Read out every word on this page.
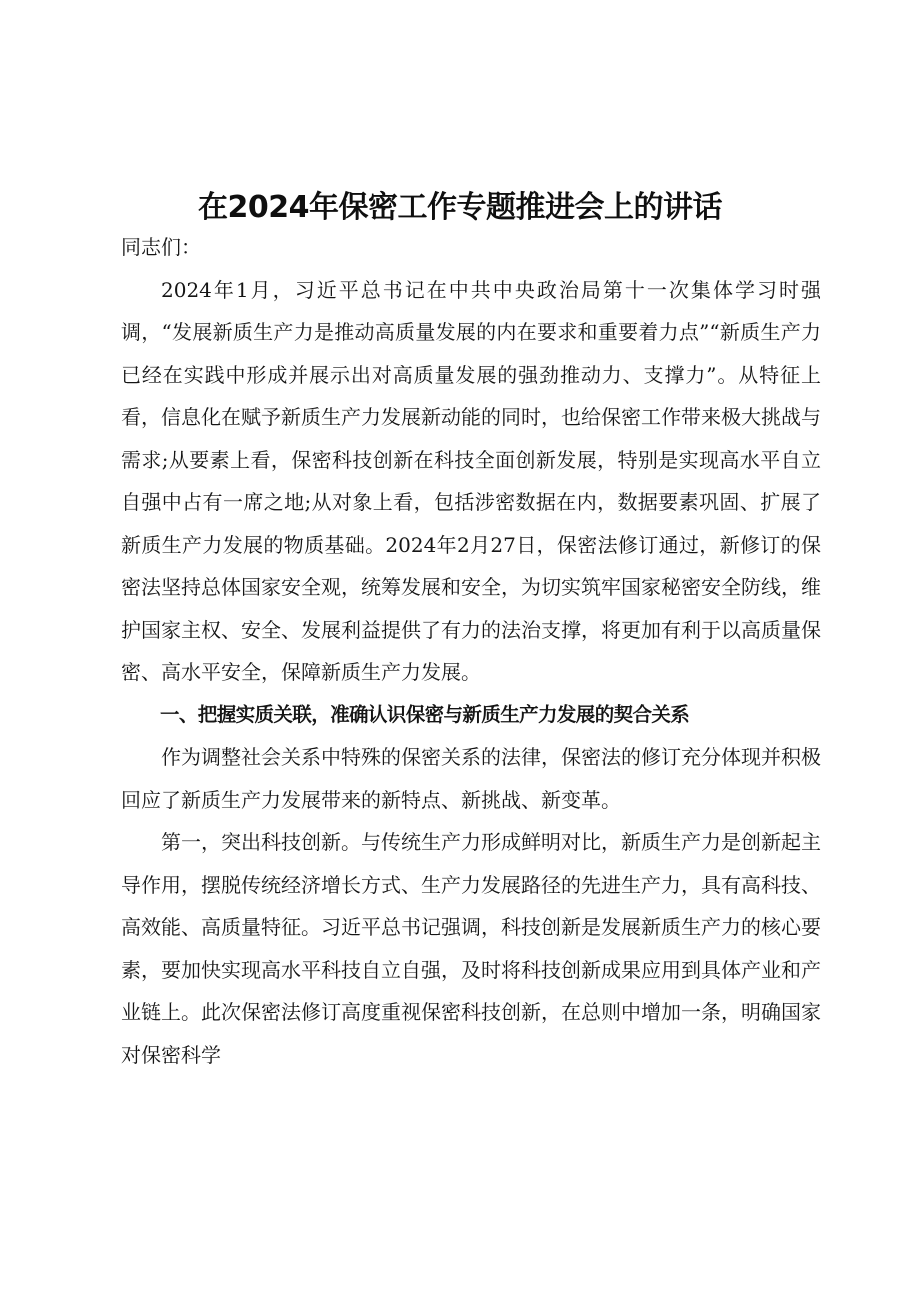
在2024年保密工作专题推进会上的讲话

同志们：

2024年1月，习近平总书记在中共中央政治局第十一次集体学习时强调，“发展新质生产力是推动高质量发展的内在要求和重要着力点”“新质生产力已经在实践中形成并展示出对高质量发展的强劲推动力、支撑力”。从特征上看，信息化在赋予新质生产力发展新动能的同时，也给保密工作带来极大挑战与需求;从要素上看，保密科技创新在科技全面创新发展，特别是实现高水平自立自强中占有一席之地;从对象上看，包括涉密数据在内，数据要素巩固、扩展了新质生产力发展的物质基础。2024年2月27日，保密法修订通过，新修订的保密法坚持总体国家安全观，统筹发展和安全，为切实筑牢国家秘密安全防线，维护国家主权、安全、发展利益提供了有力的法治支撑，将更加有利于以高质量保密、高水平安全，保障新质生产力发展。

一、把握实质关联，准确认识保密与新质生产力发展的契合关系

作为调整社会关系中特殊的保密关系的法律，保密法的修订充分体现并积极回应了新质生产力发展带来的新特点、新挑战、新变革。

第一，突出科技创新。与传统生产力形成鲜明对比，新质生产力是创新起主导作用，摆脱传统经济增长方式、生产力发展路径的先进生产力，具有高科技、高效能、高质量特征。习近平总书记强调，科技创新是发展新质生产力的核心要素，要加快实现高水平科技自立自强，及时将科技创新成果应用到具体产业和产业链上。此次保密法修订高度重视保密科技创新，在总则中增加一条，明确国家对保密科学
